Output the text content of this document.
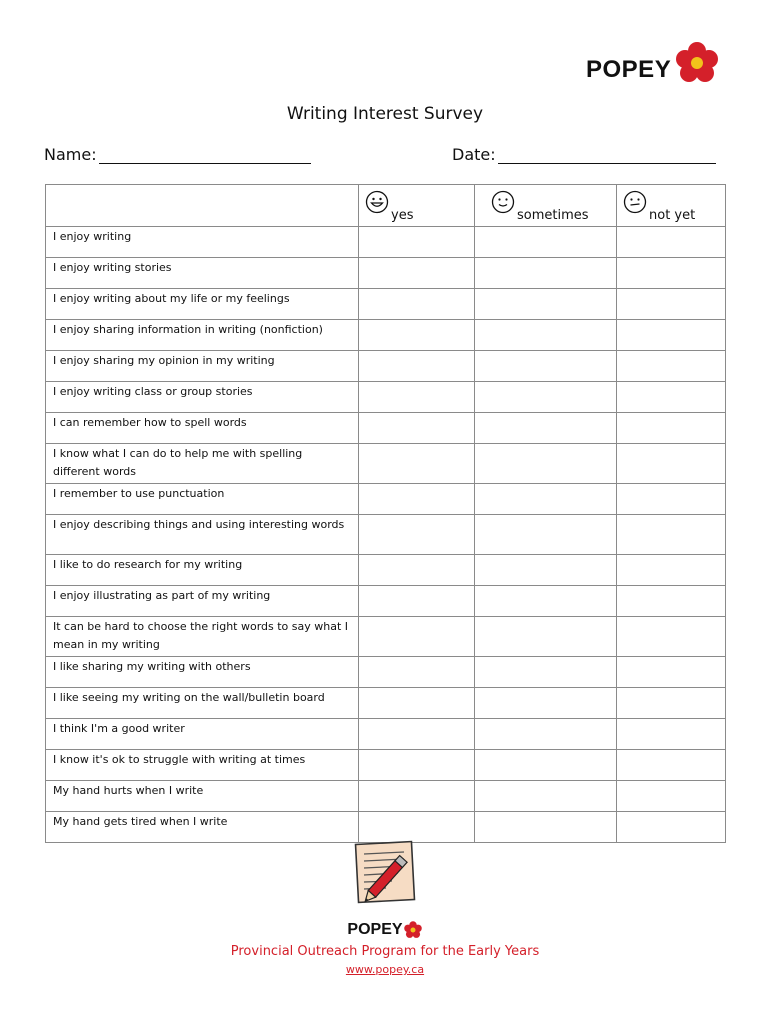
POPEY
Writing Interest Survey
Name:	Date:

	yes	sometimes	not yet

I enjoy writing			
I enjoy writing stories			
I enjoy writing about my life or my feelings			
I enjoy sharing information in writing (nonfiction)			
I enjoy sharing my opinion in my writing			
I enjoy writing class or group stories			
I can remember how to spell words			
I know what I can do to help me with spelling different words			
I remember to use punctuation			
I enjoy describing things and using interesting words			
I like to do research for my writing			
I enjoy illustrating as part of my writing			
It can be hard to choose the right words to say what I mean in my writing			
I like sharing my writing with others			
I like seeing my writing on the wall/bulletin board			
I think I'm a good writer			
I know it's ok to struggle with writing at times			
My hand hurts when I write			
My hand gets tired when I write			
POPEY
Provincial Outreach Program for the Early Years
www.popey.ca
